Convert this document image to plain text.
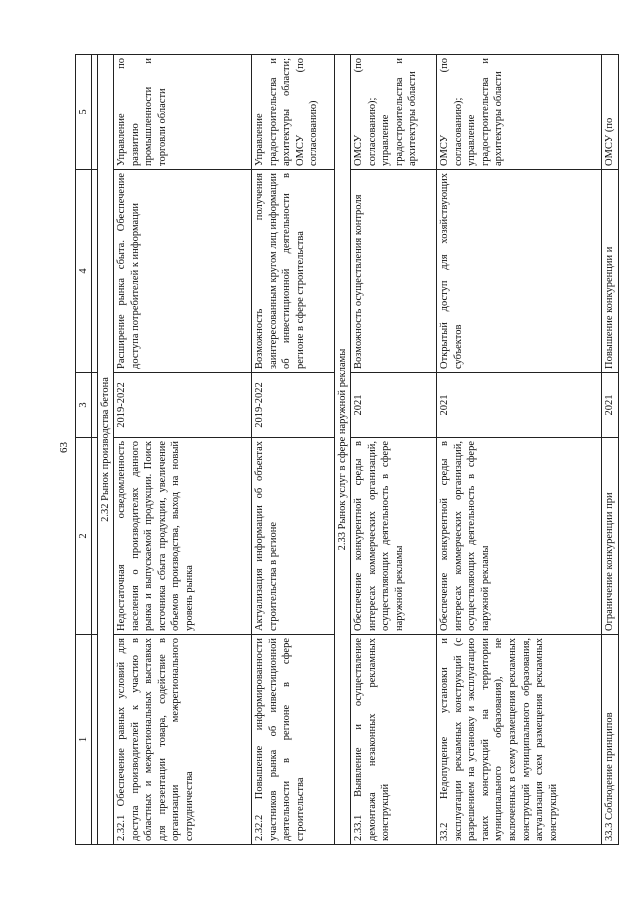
63
1	2	3	4	5

2.32 Рынок производства бетона				
2.32.1 Обеспечение равных условий для доступа производителей к участию в областных и межрегиональных выставках для презентации товара, содействие в организации межрегионального сотрудничества	Недостаточная осведомленность населения о производителях данного рынка и выпускаемой продукции. Поиск источника сбыта продукции, увеличение объемов производства, выход на новый уровень рынка	2019-2022	Расширение рынка сбыта. Обеспечение доступа потребителей к информации	Управление по развитию промышленности и торговли области
2.32.2 Повышение информированности участников рынка об инвестиционной деятельности в регионе в сфере строительства	Актуализация информации об объектах строительства в регионе	2019-2022	Возможность получения заинтересованным кругом лиц информации об инвестиционной деятельности в регионе в сфере строительства	Управление градостроительства и архитектуры области; ОМСУ (по согласованию)
2.33 Рынок услуг в сфере наружной рекламы				
2.33.1 Выявление и осуществление демонтажа незаконных рекламных конструкций	Обеспечение конкурентной среды в интересах коммерческих организаций, осуществляющих деятельность в сфере наружной рекламы	2021	Возможность осуществления контроля	ОМСУ (по согласованию); управление градостроительства и архитектуры области
33.2 Недопущение установки и эксплуатации рекламных конструкций (с разрешением на установку и эксплуатацию таких конструкций на территории муниципального образования), не включенных в схему размещения рекламных конструкций муниципального образования, актуализация схем размещения рекламных конструкций	Обеспечение конкурентной среды в интересах коммерческих организаций, осуществляющих деятельность в сфере наружной рекламы	2021	Открытый доступ для хозяйствующих субъектов	ОМСУ (по согласованию); управление градостроительства и архитектуры области
33.3 Соблюдение принципов	Ограничение конкуренции при	2021	Повышение конкуренции и	ОМСУ (по
